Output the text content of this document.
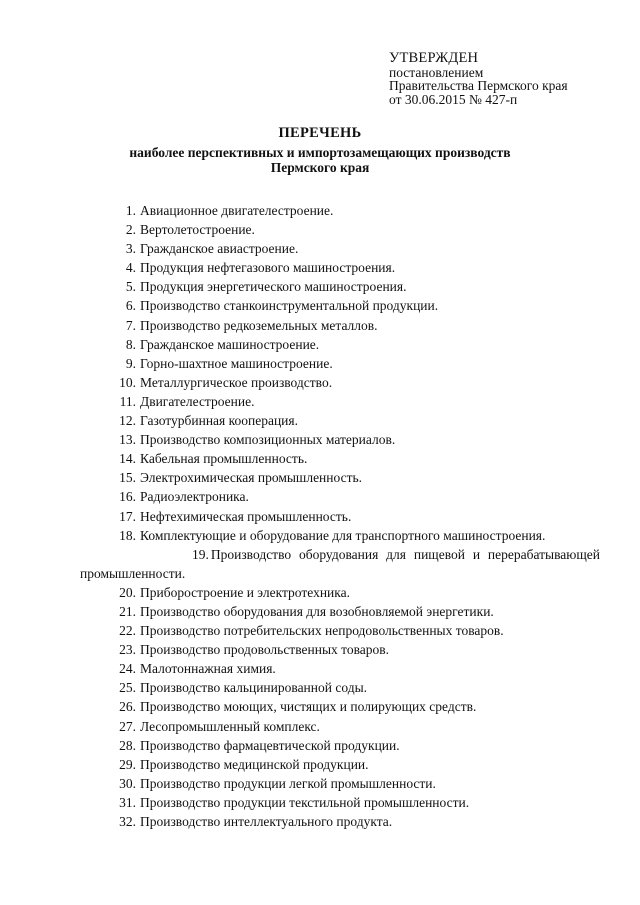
УТВЕРЖДЕН
постановлением
Правительства Пермского края
от 30.06.2015 № 427-п
ПЕРЕЧЕНЬ
наиболее перспективных и импортозамещающих производств
Пермского края
1. Авиационное двигателестроение.
2. Вертолетостроение.
3. Гражданское авиастроение.
4. Продукция нефтегазового машиностроения.
5. Продукция энергетического машиностроения.
6. Производство станкоинструментальной продукции.
7. Производство редкоземельных металлов.
8. Гражданское машиностроение.
9. Горно-шахтное машиностроение.
10. Металлургическое производство.
11. Двигателестроение.
12. Газотурбинная кооперация.
13. Производство композиционных материалов.
14. Кабельная промышленность.
15. Электрохимическая промышленность.
16. Радиоэлектроника.
17. Нефтехимическая промышленность.
18. Комплектующие и оборудование для транспортного машиностроения.
19. Производство оборудования для пищевой и перерабатывающей промышленности.
20. Приборостроение и электротехника.
21. Производство оборудования для возобновляемой энергетики.
22. Производство потребительских непродовольственных товаров.
23. Производство продовольственных товаров.
24. Малотоннажная химия.
25. Производство кальцинированной соды.
26. Производство моющих, чистящих и полирующих средств.
27. Лесопромышленный комплекс.
28. Производство фармацевтической продукции.
29. Производство медицинской продукции.
30. Производство продукции легкой промышленности.
31. Производство продукции текстильной промышленности.
32. Производство интеллектуального продукта.
